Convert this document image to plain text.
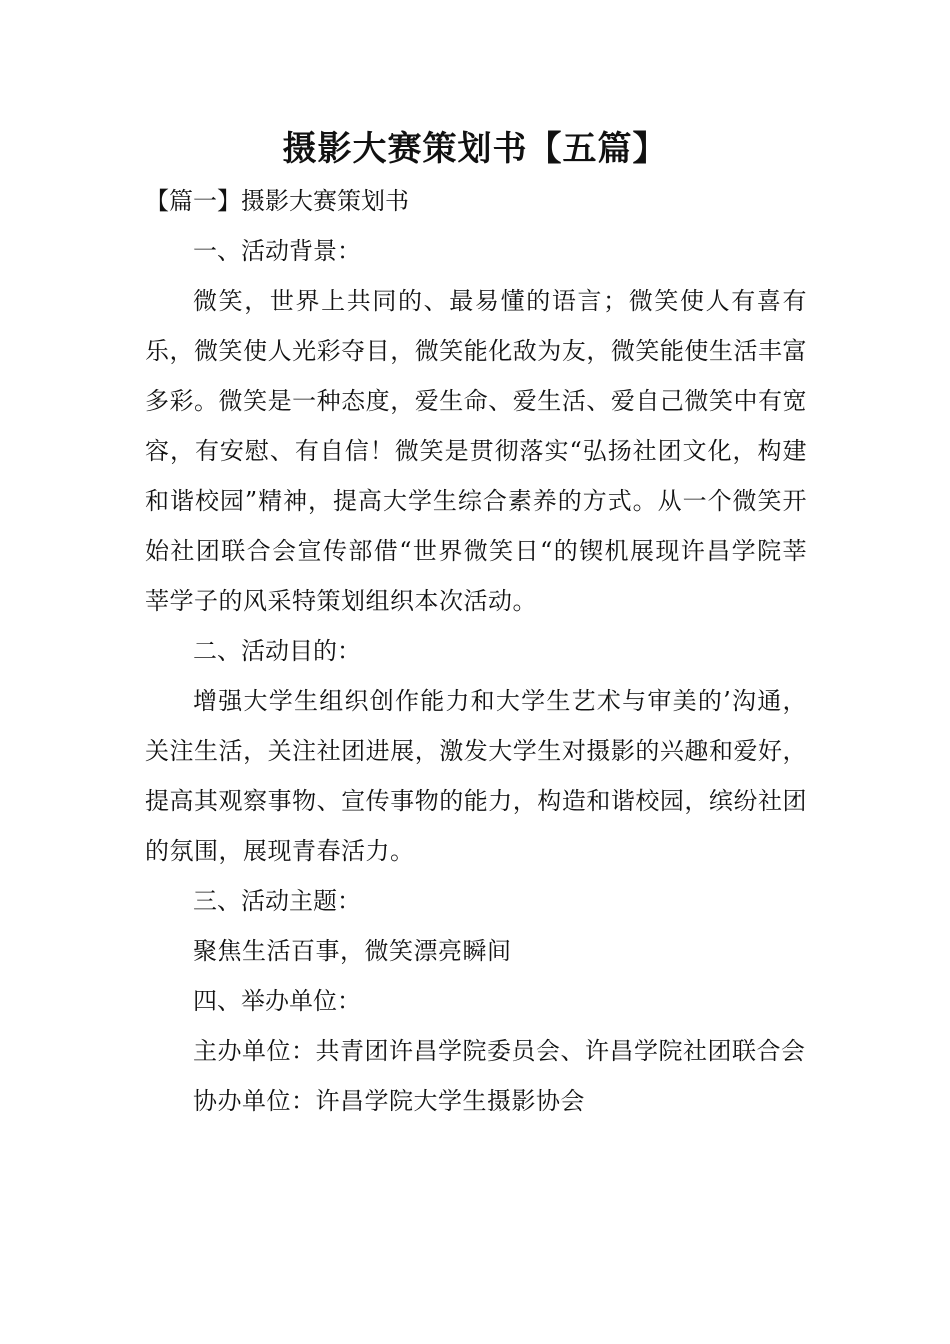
摄影大赛策划书【五篇】

【篇一】摄影大赛策划书

一、活动背景：

微笑，世界上共同的、最易懂的语言；微笑使人有喜有乐，微笑使人光彩夺目，微笑能化敌为友，微笑能使生活丰富多彩。微笑是一种态度，爱生命、爱生活、爱自己微笑中有宽容，有安慰、有自信！微笑是贯彻落实“弘扬社团文化，构建和谐校园”精神，提高大学生综合素养的方式。从一个微笑开始社团联合会宣传部借“世界微笑日“的锲机展现许昌学院莘莘学子的风采特策划组织本次活动。

二、活动目的：

增强大学生组织创作能力和大学生艺术与审美的’沟通，关注生活，关注社团进展，激发大学生对摄影的兴趣和爱好，提高其观察事物、宣传事物的能力，构造和谐校园，缤纷社团的氛围，展现青春活力。

三、活动主题：

聚焦生活百事，微笑漂亮瞬间

四、举办单位：

主办单位：共青团许昌学院委员会、许昌学院社团联合会

协办单位：许昌学院大学生摄影协会
